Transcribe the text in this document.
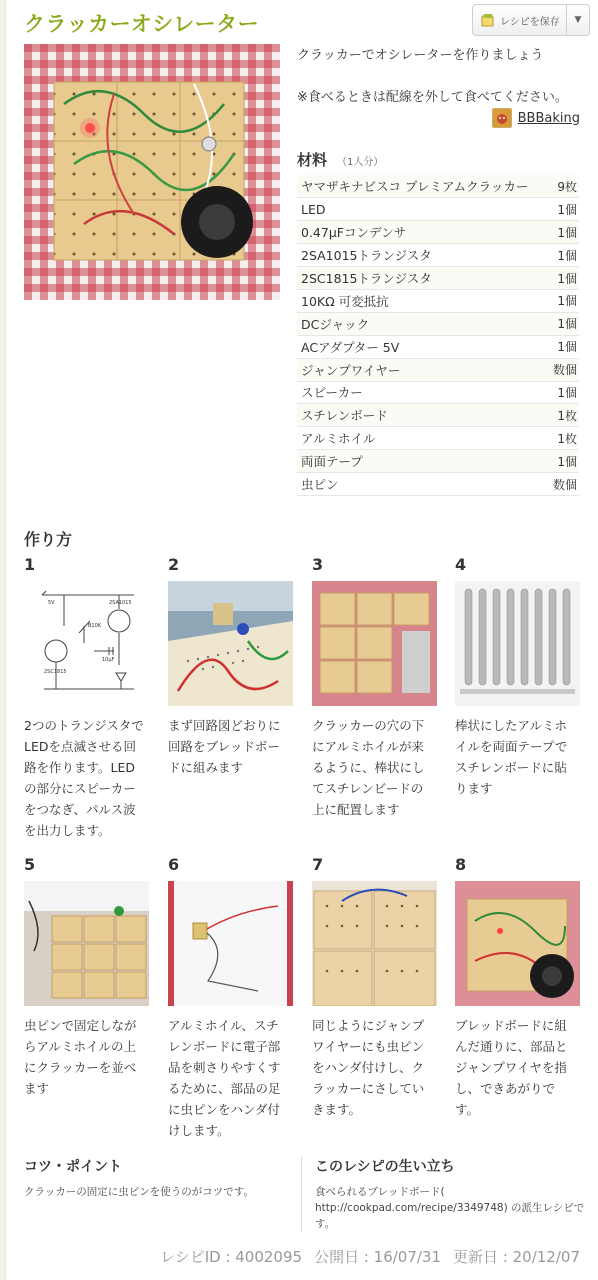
クラッカーオシレーター	レシピを保存	▼

クラッカーでオシレーターを作りましょう

※食べるときは配線を外して食べてください。

BBBaking
材料 （1人分）
ヤマザキナビスコ プレミアムクラッカー	9枚
LED	1個
0.47μFコンデンサ	1個
2SA1015トランジスタ	1個
2SC1815トランジスタ	1個
10KΩ 可変抵抗	1個
DCジャック	1個
ACアダプター 5V	1個
ジャンプワイヤー	数個
スピーカー	1個
スチレンボード	1枚
アルミホイル	1枚
両面テープ	1個
虫ピン	数個
作り方
1
5V	2SA1015
B10K
10μF
2SC1815
2つのトランジスタでLEDを点滅させる回路を作ります。LEDの部分にスピーカーをつなぎ、パルス波を出力します。
2
まず回路図どおりに回路をブレッドボードに組みます
3
クラッカーの穴の下にアルミホイルが来るように、棒状にしてスチレンビードの上に配置します
4
棒状にしたアルミホイルを両面テープでスチレンボードに貼ります
5
虫ピンで固定しながらアルミホイルの上にクラッカーを並べます
6
アルミホイル、スチレンボードに電子部品を刺さりやすくするために、部品の足に虫ピンをハンダ付けします。
7
同じようにジャンプワイヤーにも虫ピンをハンダ付けし、クラッカーにさしていきます。
8
ブレッドボードに組んだ通りに、部品とジャンプワイヤを指し、できあがりです。
コツ・ポイント
クラッカーの固定に虫ピンを使うのがコツです。
このレシピの生い立ち
食べられるブレッドボード( http://cookpad.com/recipe/3349748) の派生レシピです。
レシピID : 4002095 公開日 : 16/07/31 更新日 : 20/12/07
